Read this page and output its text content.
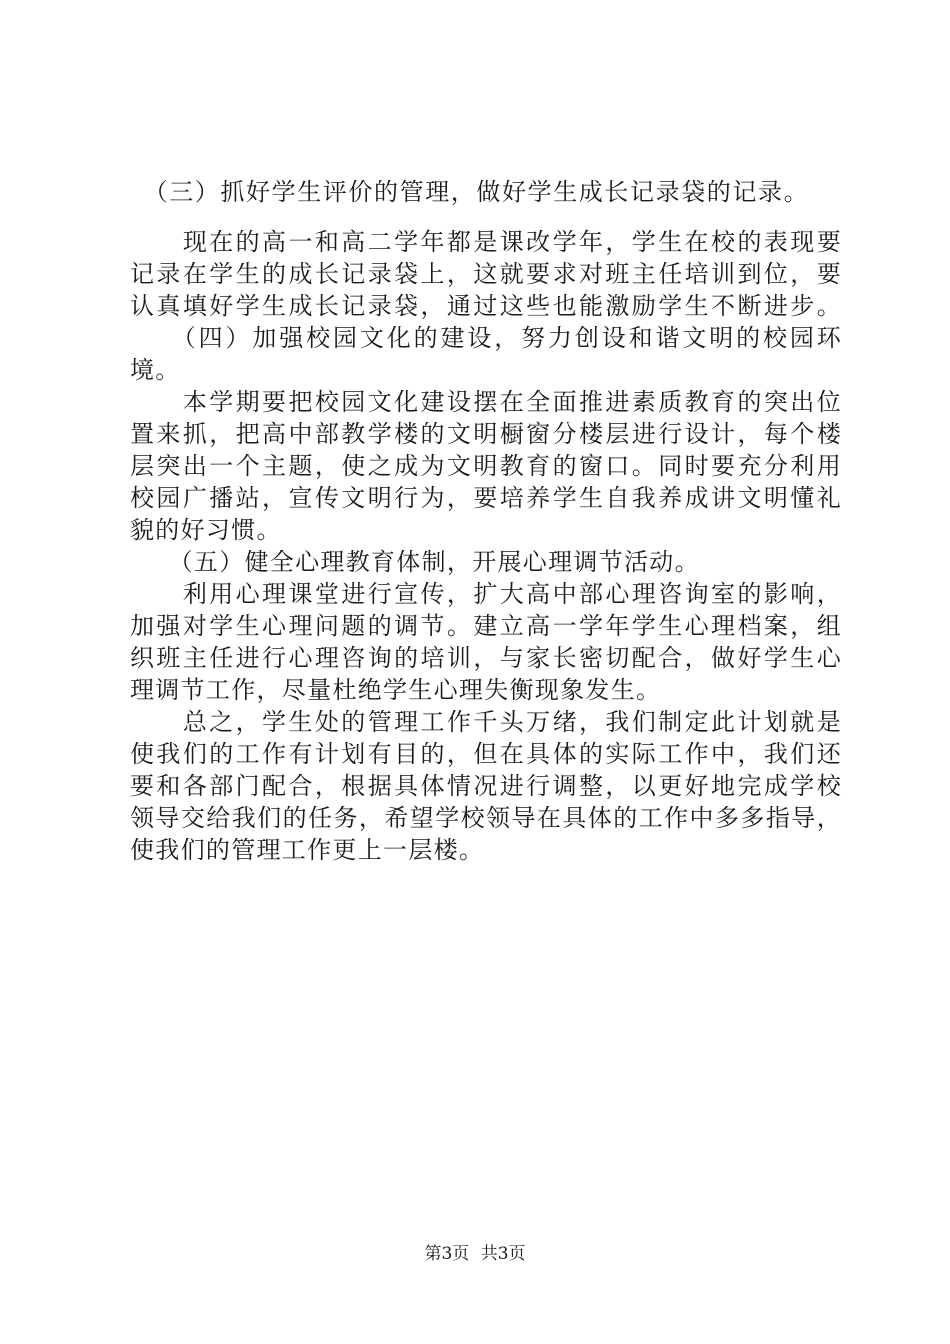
　（三）抓好学生评价的管理，做好学生成长记录袋的记录。
　　现在的高一和高二学年都是课改学年，学生在校的表现要
记录在学生的成长记录袋上，这就要求对班主任培训到位，要
认真填好学生成长记录袋，通过这些也能激励学生不断进步。
　　（四）加强校园文化的建设，努力创设和谐文明的校园环
境。
　　本学期要把校园文化建设摆在全面推进素质教育的突出位
置来抓，把高中部教学楼的文明橱窗分楼层进行设计，每个楼
层突出一个主题，使之成为文明教育的窗口。同时要充分利用
校园广播站，宣传文明行为，要培养学生自我养成讲文明懂礼
貌的好习惯。
　　（五）健全心理教育体制，开展心理调节活动。
　　利用心理课堂进行宣传，扩大高中部心理咨询室的影响，
加强对学生心理问题的调节。建立高一学年学生心理档案，组
织班主任进行心理咨询的培训，与家长密切配合，做好学生心
理调节工作，尽量杜绝学生心理失衡现象发生。
　　总之，学生处的管理工作千头万绪，我们制定此计划就是
使我们的工作有计划有目的，但在具体的实际工作中，我们还
要和各部门配合，根据具体情况进行调整，以更好地完成学校
领导交给我们的任务，希望学校领导在具体的工作中多多指导，
使我们的管理工作更上一层楼。
第3页 共3页
